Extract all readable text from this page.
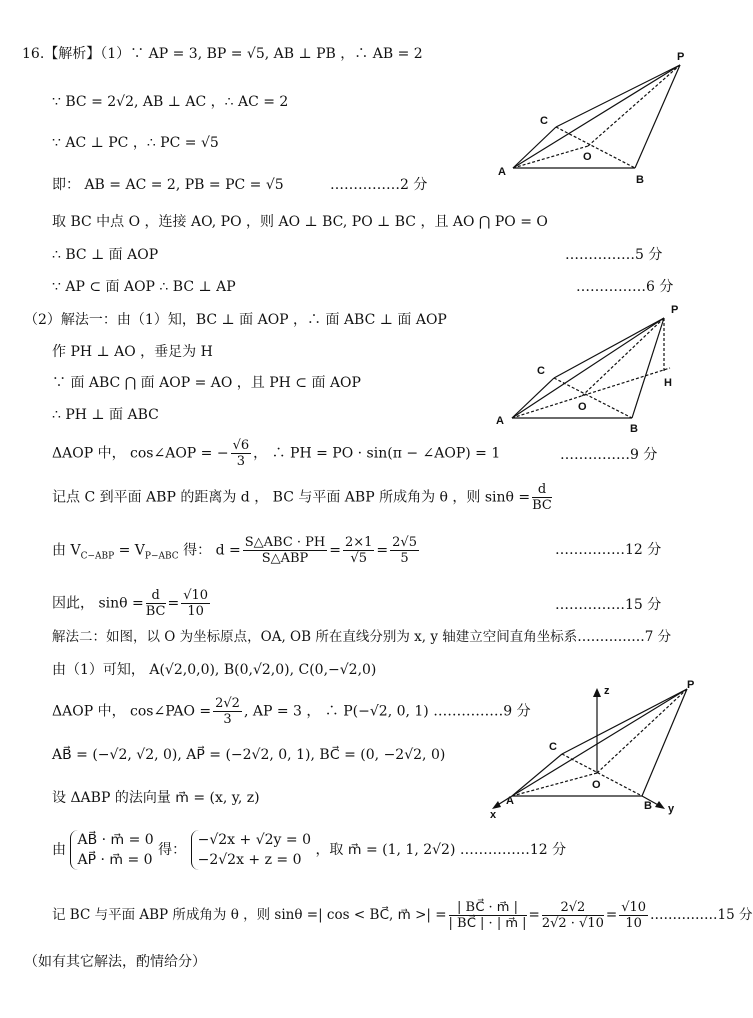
16.【解析】（1）∵ AP = 3, BP = √5, AB ⊥ PB ，∴ AB = 2
∵ BC = 2√2, AB ⊥ AC ，∴ AC = 2
∵ AC ⊥ PC ，∴ PC = √5
即： AB = AC = 2, PB = PC = √5	……………2 分
取 BC 中点 O ，连接 AO, PO ，则 AO ⊥ BC, PO ⊥ BC ，且 AO ⋂ PO = O
∴ BC ⊥ 面 AOP	……………5 分
∵ AP ⊂ 面 AOP ∴ BC ⊥ AP	……………6 分
（2）解法一：由（1）知，BC ⊥ 面 AOP ，∴ 面 ABC ⊥ 面 AOP
作 PH ⊥ AO ，垂足为 H
∵ 面 ABC ⋂ 面 AOP = AO ，且 PH ⊂ 面 AOP
∴ PH ⊥ 面 ABC
ΔAOP 中， cos∠AOP = − $\frac{√6}{3}$ ， ∴ PH = PO · sin(π − ∠AOP) = 1	……………9 分
记点 C 到平面 ABP 的距离为 d ， BC 与平面 ABP 所成角为 θ ，则 $\sin\theta = \frac{d}{BC}$
由 $V_{C-ABP} = V_{P-ABC}$ 得： $d = \frac{\text{S△ABC · PH}}{\text{S△ABP}} = \frac{2\times 1}{√5} = \frac{2√5}{5}$	……………12 分
因此， $\sin\theta = \frac{d}{BC} = \frac{√10}{10}$	……………15 分
解法二：如图，以 O 为坐标原点，OA, OB 所在直线分别为 x, y 轴建立空间直角坐标系……………7 分
由（1）可知， A(√2,0,0), B(0,√2,0), C(0,−√2,0)
ΔAOP 中， cos∠PAO = $\frac{2√2}{3}$ , AP = 3 ， ∴ P(−√2, 0, 1) ……………9 分
AB⃗ = (−√2, √2, 0), AP⃗ = (−2√2, 0, 1), BC⃗ = (0, −2√2, 0)
设 ΔABP 的法向量 m⃗ = (x, y, z)
由
AB⃗ · m⃗ = 0
AP⃗ · m⃗ = 0
得：
−√2x + √2y = 0
−2√2x + z = 0
，取 m⃗ = (1, 1, 2√2) ……………12 分
记 BC 与平面 ABP 所成角为 θ ，则 sinθ =| cos < BC⃗, m⃗ >| = $\frac{| BC⃗ \cdot m⃗ |}{| BC⃗ | \cdot | m⃗ |} = \frac{2√2}{2√2 \cdot √10} = \frac{√10}{10}$ ……………15 分
（如有其它解法，酌情给分）
P
C
O
A
B
P
C
O
A
B
H
z	P
C
O
A	B
x	y
